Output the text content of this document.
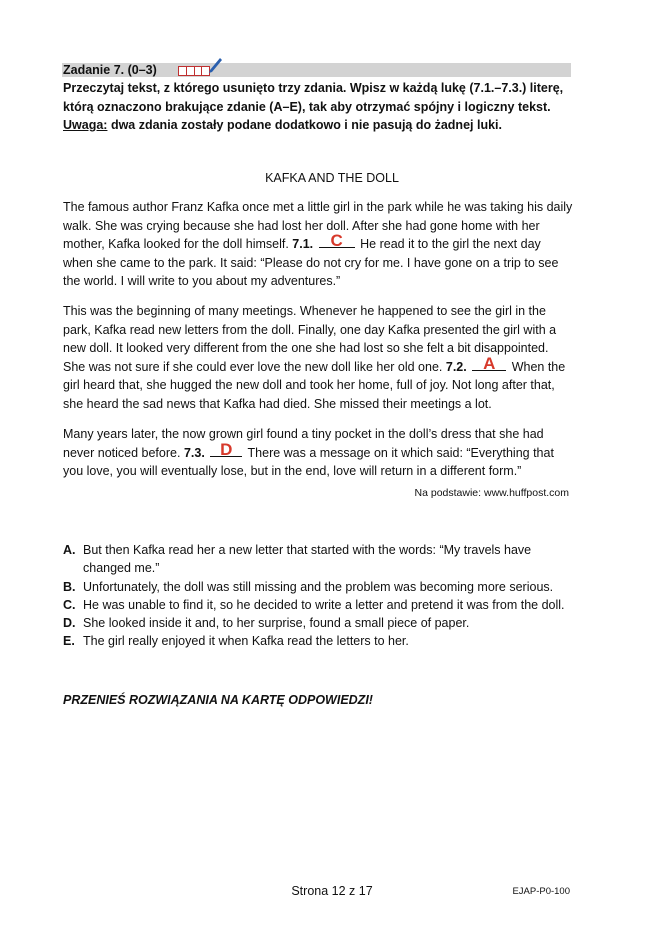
Zadanie 7. (0–3)

Przeczytaj tekst, z którego usunięto trzy zdania. Wpisz w każdą lukę (7.1.–7.3.) literę, którą oznaczono brakujące zdanie (A–E), tak aby otrzymać spójny i logiczny tekst.

Uwaga: dwa zdania zostały podane dodatkowo i nie pasują do żadnej luki.

KAFKA AND THE DOLL

The famous author Franz Kafka once met a little girl in the park while he was taking his daily walk. She was crying because she had lost her doll. After she had gone home with her mother, Kafka looked for the doll himself. 7.1. C He read it to the girl the next day when she came to the park. It said: “Please do not cry for me. I have gone on a trip to see the world. I will write to you about my adventures.”

This was the beginning of many meetings. Whenever he happened to see the girl in the park, Kafka read new letters from the doll. Finally, one day Kafka presented the girl with a new doll. It looked very different from the one she had lost so she felt a bit disappointed. She was not sure if she could ever love the new doll like her old one. 7.2. A When the girl heard that, she hugged the new doll and took her home, full of joy. Not long after that, she heard the sad news that Kafka had died. She missed their meetings a lot.

Many years later, the now grown girl found a tiny pocket in the doll’s dress that she had never noticed before. 7.3. D There was a message on it which said: “Everything that you love, you will eventually lose, but in the end, love will return in a different form.”

Na podstawie: www.huffpost.com
A. But then Kafka read her a new letter that started with the words: “My travels have changed me.”
B. Unfortunately, the doll was still missing and the problem was becoming more serious.
C. He was unable to find it, so he decided to write a letter and pretend it was from the doll.
D. She looked inside it and, to her surprise, found a small piece of paper.
E. The girl really enjoyed it when Kafka read the letters to her.
PRZENIEŚ ROZWIĄZANIA NA KARTĘ ODPOWIEDZI!
Strona 12 z 17	EJAP-P0-100
